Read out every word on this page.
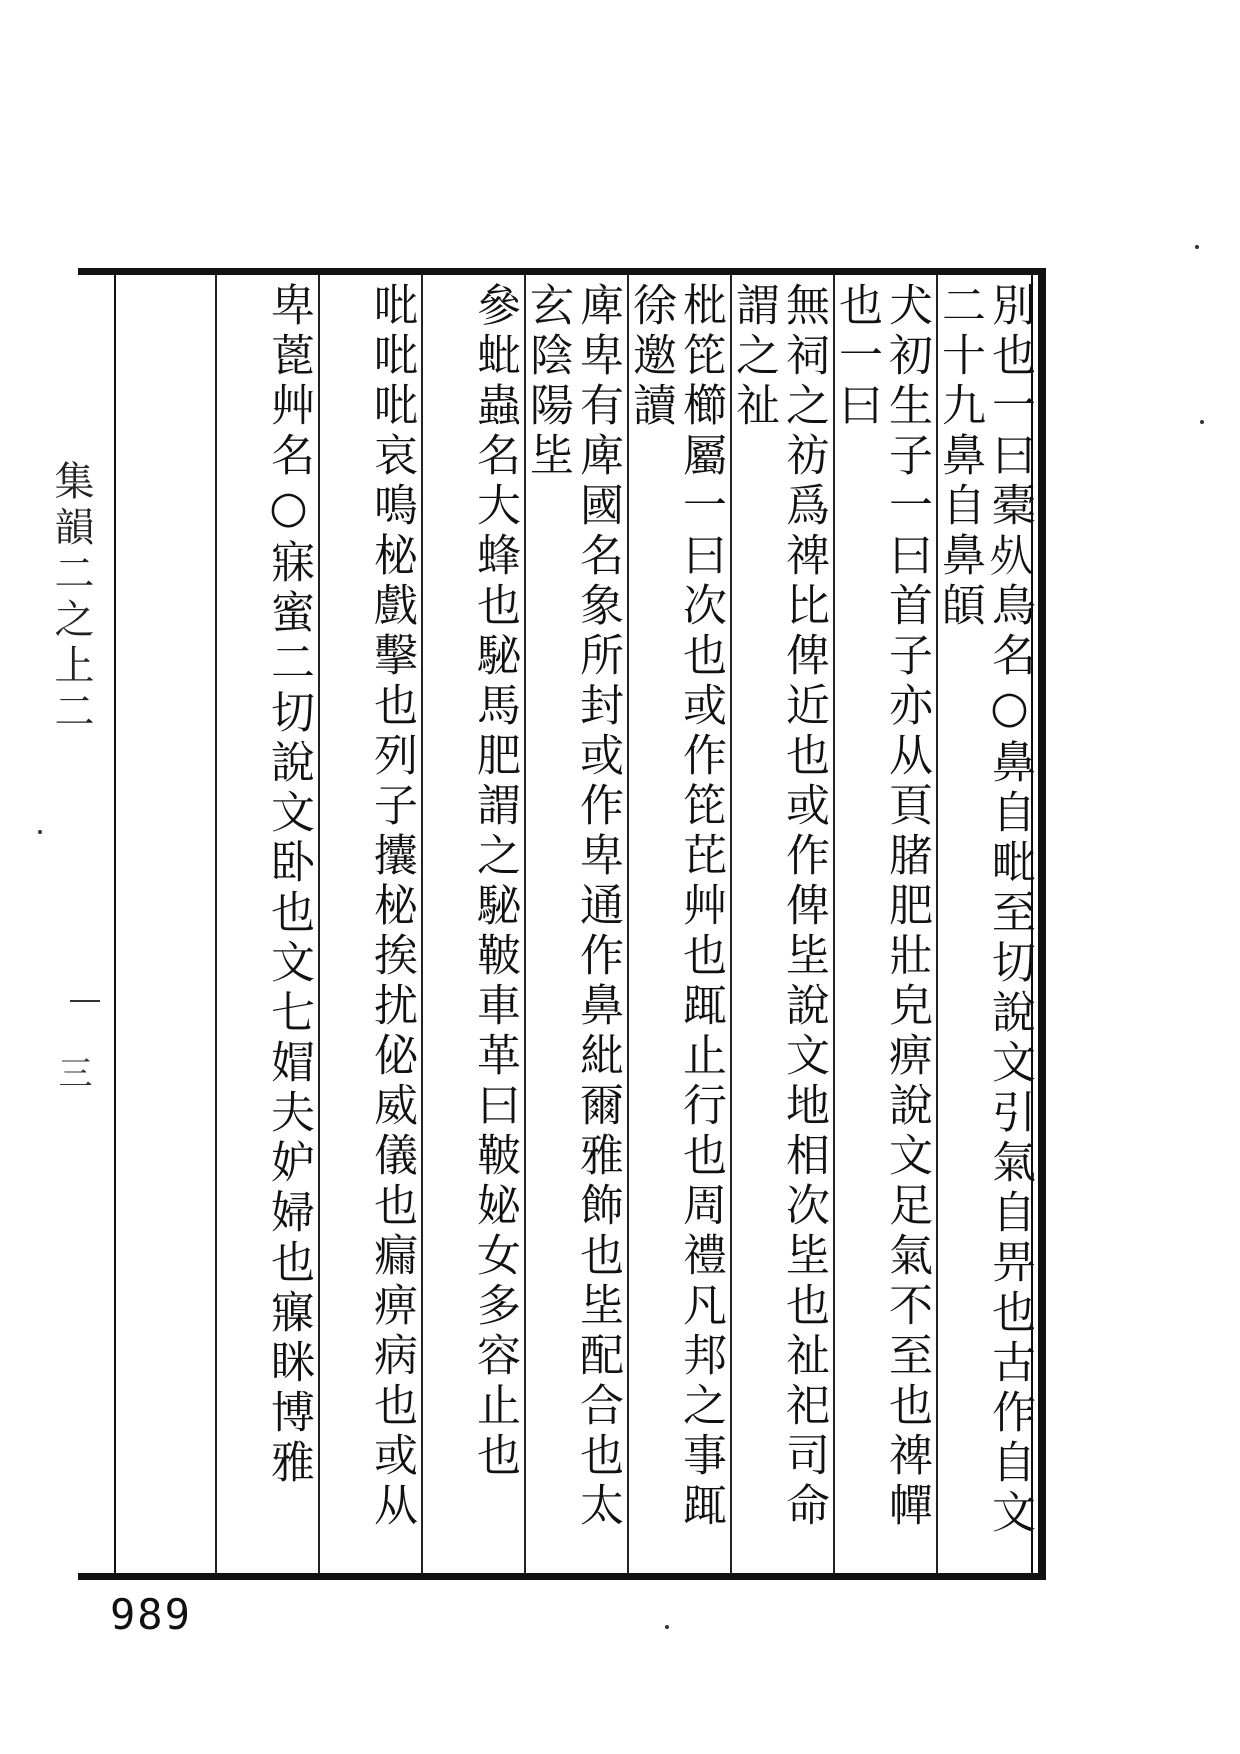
別也一曰橐𣦸鳥名○鼻自毗至切說文引氣自畀也古作自文二十九鼻自鼻頧
犬初生子一曰首子亦从頁䐗肥壯皃痹說文足氣不至也禆幝也一曰
無祠之祊爲禆比俾近也或作俾坒說文地相次坒也祉祀司命謂之祉
枇笓櫛屬一曰次也或作笓芘艸也踂止行也周禮凡邦之事踂徐邀讀
庳卑有庳國名象所封或作卑通作鼻紕爾雅飾也坒配合也太玄陰陽坒
參蚍蟲名大蜂也駜馬肥謂之駜鞁車革曰鞁妼女多容止也
吡吡吡哀鳴柲戲擊也列子攮柲挨扰佖威儀也瘺痹病也或从
卑蓖艸名○寐蜜二切說文卧也文七媢夫妒婦也寱眯博雅
集韻二之上二
三
989
